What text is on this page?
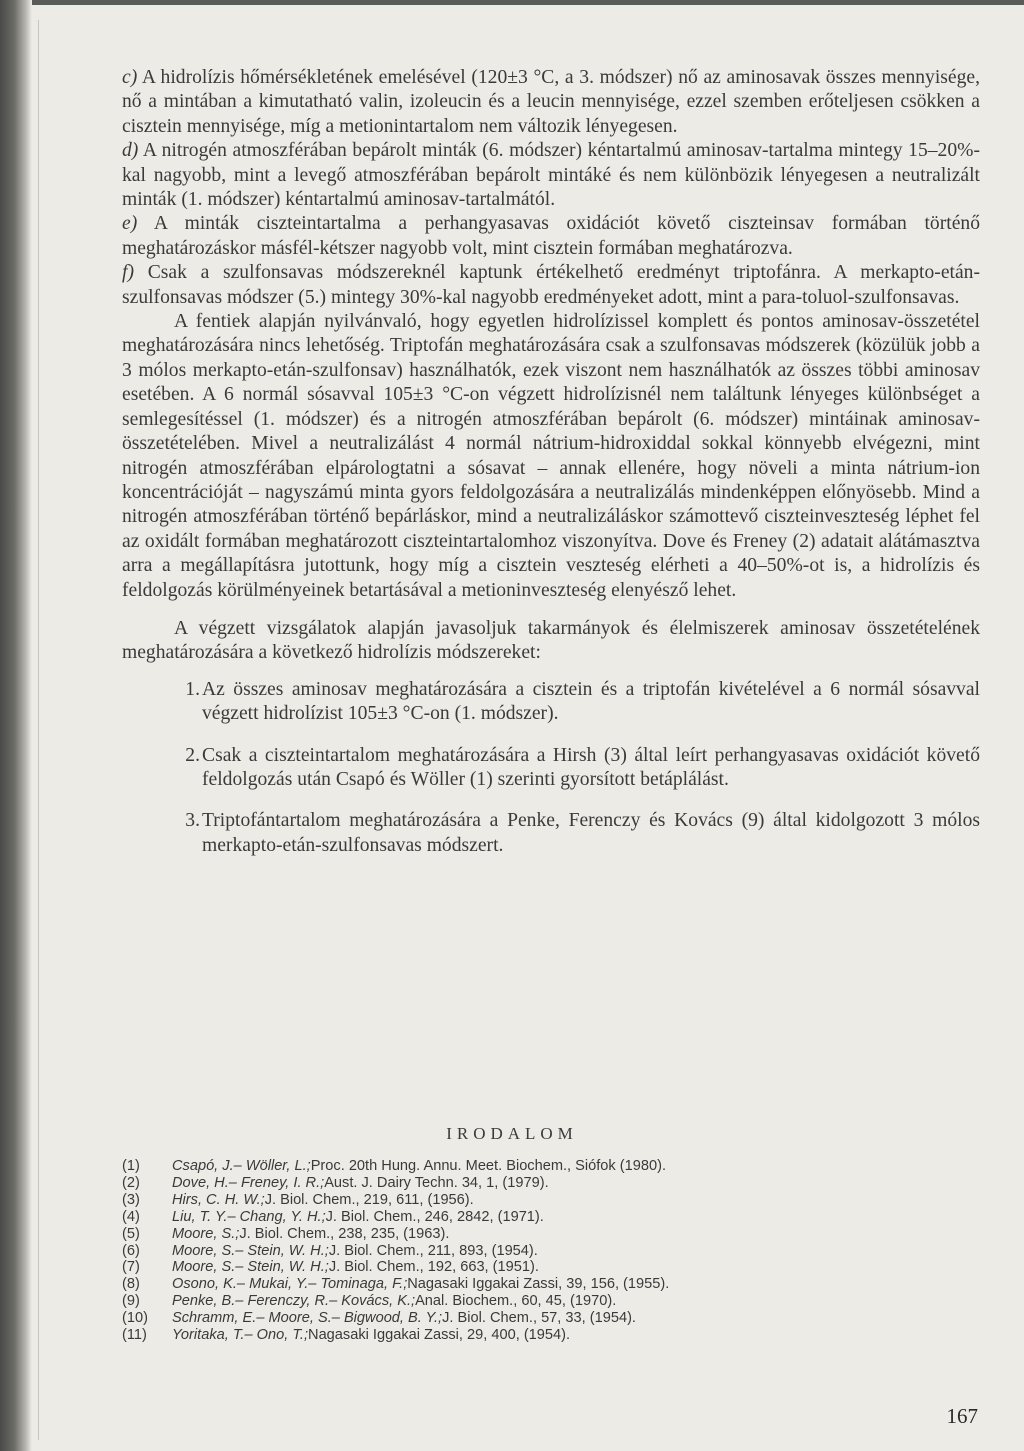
c) A hidrolízis hőmérsékletének emelésével (120±3 °C, a 3. módszer) nő az aminosavak összes mennyisége, nő a mintában a kimutatható valin, izoleucin és a leucin mennyisége, ezzel szemben erőteljesen csökken a cisztein mennyisége, míg a metionintartalom nem változik lényegesen.

d) A nitrogén atmoszférában bepárolt minták (6. módszer) kéntartalmú aminosav-tartalma mintegy 15–20%-kal nagyobb, mint a levegő atmoszférában bepárolt mintáké és nem különbözik lényegesen a neutralizált minták (1. módszer) kéntartalmú aminosav-tartalmától.

e) A minták ciszteintartalma a perhangyasavas oxidációt követő ciszteinsav formában történő meghatározáskor másfél-kétszer nagyobb volt, mint cisztein formában meghatározva.

f) Csak a szulfonsavas módszereknél kaptunk értékelhető eredményt triptofánra. A merkapto-etán-szulfonsavas módszer (5.) mintegy 30%-kal nagyobb eredményeket adott, mint a para-toluol-szulfonsavas.

A fentiek alapján nyilvánvaló, hogy egyetlen hidrolízissel komplett és pontos aminosav-összetétel meghatározására nincs lehetőség. Triptofán meghatározására csak a szulfonsavas módszerek (közülük jobb a 3 mólos merkapto-etán-szulfonsav) használhatók, ezek viszont nem használhatók az összes többi aminosav esetében. A 6 normál sósavval 105±3 °C-on végzett hidrolízisnél nem találtunk lényeges különbséget a semlegesítéssel (1. módszer) és a nitrogén atmoszférában bepárolt (6. módszer) mintáinak aminosav-összetételében. Mivel a neutralizálást 4 normál nátrium-hidroxiddal sokkal könnyebb elvégezni, mint nitrogén atmoszférában elpárologtatni a sósavat – annak ellenére, hogy növeli a minta nátrium-ion koncentrációját – nagyszámú minta gyors feldolgozására a neutralizálás mindenképpen előnyösebb. Mind a nitrogén atmoszférában történő bepárláskor, mind a neutralizáláskor számottevő ciszteinveszteség léphet fel az oxidált formában meghatározott ciszteintartalomhoz viszonyítva. Dove és Freney (2) adatait alátámasztva arra a megállapításra jutottunk, hogy míg a cisztein veszteség elérheti a 40–50%-ot is, a hidrolízis és feldolgozás körülményeinek betartásával a metioninveszteség elenyésző lehet.

A végzett vizsgálatok alapján javasoljuk takarmányok és élelmiszerek aminosav összetételének meghatározására a következő hidrolízis módszereket:

1. Az összes aminosav meghatározására a cisztein és a triptofán kivételével a 6 normál sósavval végzett hidrolízist 105±3 °C-on (1. módszer).
2. Csak a ciszteintartalom meghatározására a Hirsh (3) által leírt perhangyasavas oxidációt követő feldolgozás után Csapó és Wöller (1) szerinti gyorsított betáplálást.
3. Triptofántartalom meghatározására a Penke, Ferenczy és Kovács (9) által kidolgozott 3 mólos merkapto-etán-szulfonsavas módszert.
IRODALOM
(1)	Csapó, J.– Wöller, L.; Proc. 20th Hung. Annu. Meet. Biochem., Siófok (1980).
(2)	Dove, H.– Freney, I. R.; Aust. J. Dairy Techn. 34, 1, (1979).
(3)	Hirs, C. H. W.; J. Biol. Chem., 219, 611, (1956).
(4)	Liu, T. Y.– Chang, Y. H.; J. Biol. Chem., 246, 2842, (1971).
(5)	Moore, S.; J. Biol. Chem., 238, 235, (1963).
(6)	Moore, S.– Stein, W. H.; J. Biol. Chem., 211, 893, (1954).
(7)	Moore, S.– Stein, W. H.; J. Biol. Chem., 192, 663, (1951).
(8)	Osono, K.– Mukai, Y.– Tominaga, F.; Nagasaki Iggakai Zassi, 39, 156, (1955).
(9)	Penke, B.– Ferenczy, R.– Kovács, K.; Anal. Biochem., 60, 45, (1970).
(10)	Schramm, E.– Moore, S.– Bigwood, B. Y.; J. Biol. Chem., 57, 33, (1954).
(11)	Yoritaka, T.– Ono, T.; Nagasaki Iggakai Zassi, 29, 400, (1954).
167
